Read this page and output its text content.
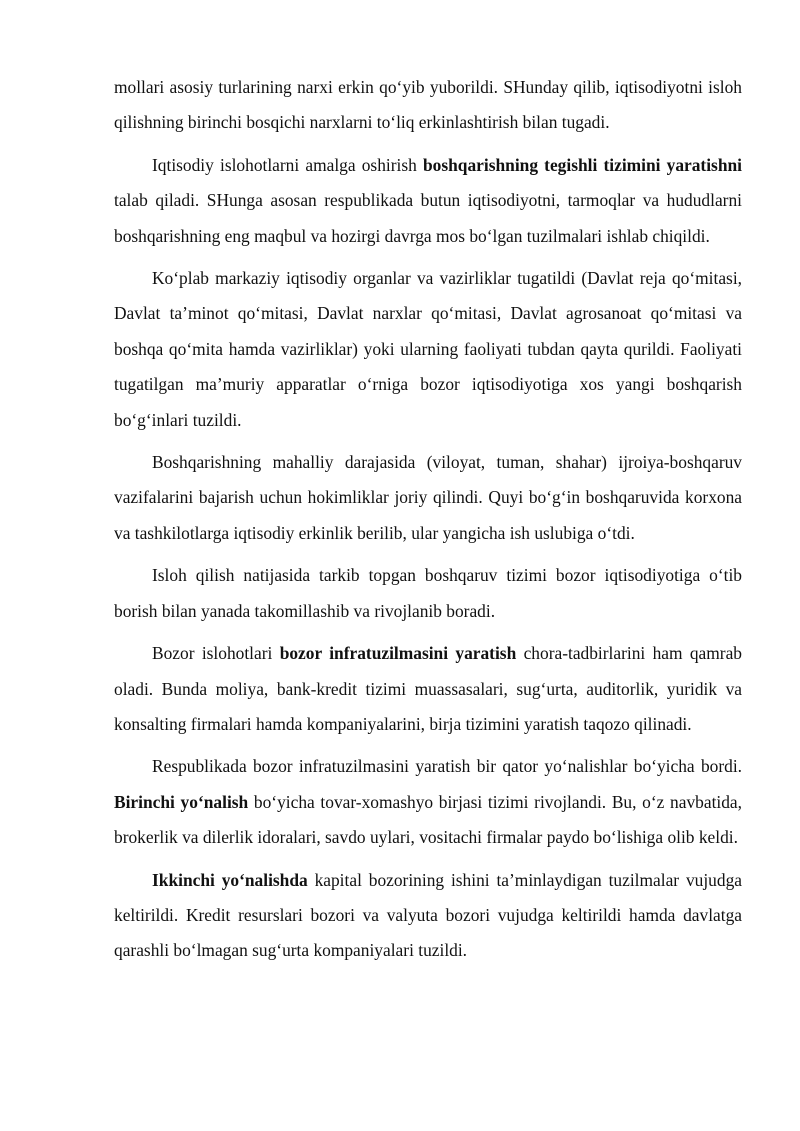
mollari asosiy turlarining narxi erkin qo‘yib yuborildi. SHunday qilib, iqtisodiyotni isloh qilishning birinchi bosqichi narxlarni to‘liq erkinlashtirish bilan tugadi.

Iqtisodiy islohotlarni amalga oshirish boshqarishning tegishli tizimini yaratishni talab qiladi. SHunga asosan respublikada butun iqtisodiyotni, tarmoqlar va hududlarni boshqarishning eng maqbul va hozirgi davrga mos bo‘lgan tuzilmalari ishlab chiqildi.

Ko‘plab markaziy iqtisodiy organlar va vazirliklar tugatildi (Davlat reja qo‘mitasi, Davlat ta’minot qo‘mitasi, Davlat narxlar qo‘mitasi, Davlat agrosanoat qo‘mitasi va boshqa qo‘mita hamda vazirliklar) yoki ularning faoliyati tubdan qayta qurildi. Faoliyati tugatilgan ma’muriy apparatlar o‘rniga bozor iqtisodiyotiga xos yangi boshqarish bo‘g‘inlari tuzildi.

Boshqarishning mahalliy darajasida (viloyat, tuman, shahar) ijroiya-boshqaruv vazifalarini bajarish uchun hokimliklar joriy qilindi. Quyi bo‘g‘in boshqaruvida korxona va tashkilotlarga iqtisodiy erkinlik berilib, ular yangicha ish uslubiga o‘tdi.

Isloh qilish natijasida tarkib topgan boshqaruv tizimi bozor iqtisodiyotiga o‘tib borish bilan yanada takomillashib va rivojlanib boradi.

Bozor islohotlari bozor infratuzilmasini yaratish chora-tadbirlarini ham qamrab oladi. Bunda moliya, bank-kredit tizimi muassasalari, sug‘urta, auditorlik, yuridik va konsalting firmalari hamda kompaniyalarini, birja tizimini yaratish taqozo qilinadi.

Respublikada bozor infratuzilmasini yaratish bir qator yo‘nalishlar bo‘yicha bordi. Birinchi yo‘nalish bo‘yicha tovar-xomashyo birjasi tizimi rivojlandi. Bu, o‘z navbatida, brokerlik va dilerlik idoralari, savdo uylari, vositachi firmalar paydo bo‘lishiga olib keldi.

Ikkinchi yo‘nalishda kapital bozorining ishini ta’minlaydigan tuzilmalar vujudga keltirildi. Kredit resurslari bozori va valyuta bozori vujudga keltirildi hamda davlatga qarashli bo‘lmagan sug‘urta kompaniyalari tuzildi.
